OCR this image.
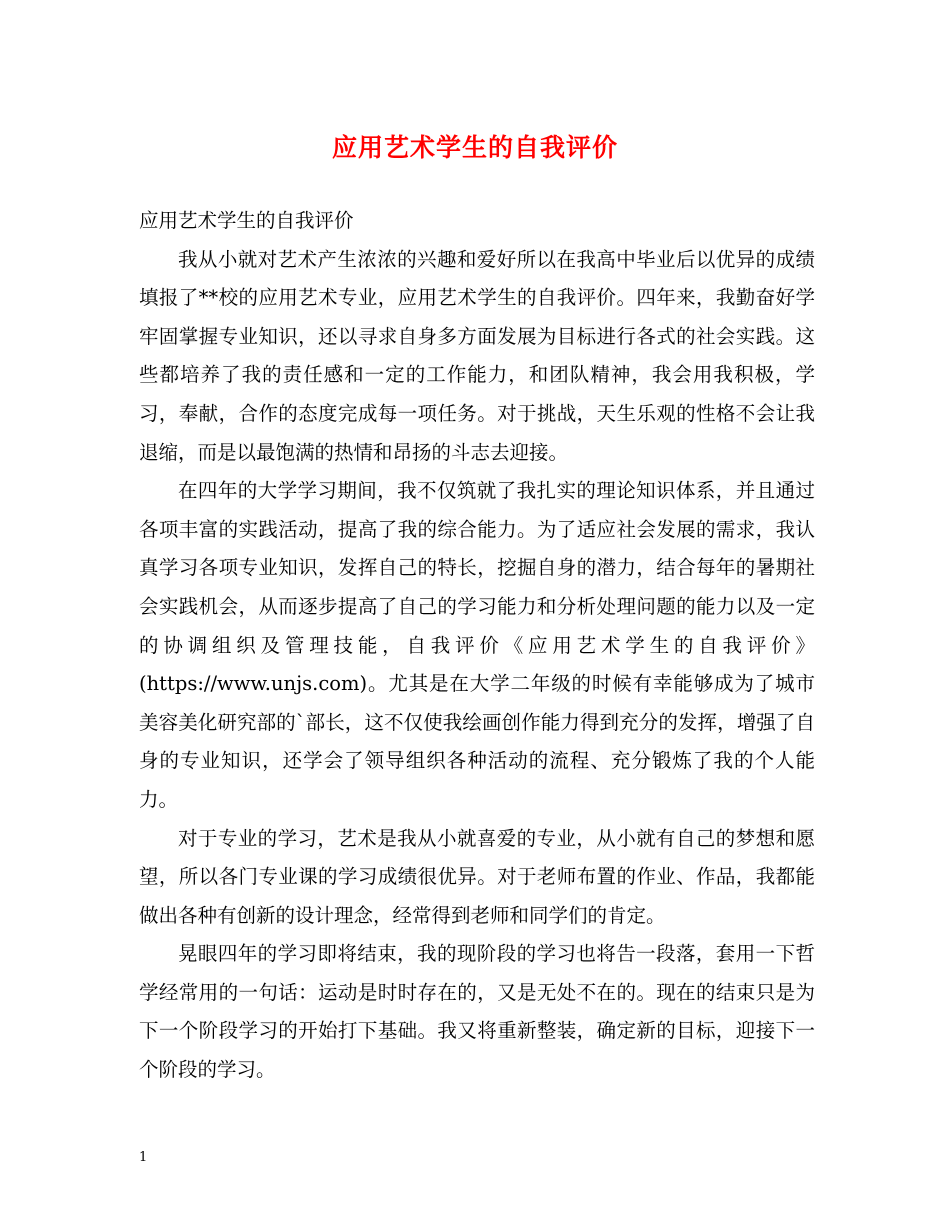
应用艺术学生的自我评价

应用艺术学生的自我评价

我从小就对艺术产生浓浓的兴趣和爱好所以在我高中毕业后以优异的成绩填报了**校的应用艺术专业，应用艺术学生的自我评价。四年来，我勤奋好学牢固掌握专业知识，还以寻求自身多方面发展为目标进行各式的社会实践。这些都培养了我的责任感和一定的工作能力，和团队精神，我会用我积极，学习，奉献，合作的态度完成每一项任务。对于挑战，天生乐观的性格不会让我退缩，而是以最饱满的热情和昂扬的斗志去迎接。

在四年的大学学习期间，我不仅筑就了我扎实的理论知识体系，并且通过各项丰富的实践活动，提高了我的综合能力。为了适应社会发展的需求，我认真学习各项专业知识，发挥自己的特长，挖掘自身的潜力，结合每年的暑期社会实践机会，从而逐步提高了自己的学习能力和分析处理问题的能力以及一定的协调组织及管理技能，自我评价《应用艺术学生的自我评价》(https://www.unjs.com)。尤其是在大学二年级的时候有幸能够成为了城市美容美化研究部的`部长，这不仅使我绘画创作能力得到充分的发挥，增强了自身的专业知识，还学会了领导组织各种活动的流程、充分锻炼了我的个人能力。

对于专业的学习，艺术是我从小就喜爱的专业，从小就有自己的梦想和愿望，所以各门专业课的学习成绩很优异。对于老师布置的作业、作品，我都能做出各种有创新的设计理念，经常得到老师和同学们的肯定。

晃眼四年的学习即将结束，我的现阶段的学习也将告一段落，套用一下哲学经常用的一句话：运动是时时存在的，又是无处不在的。现在的结束只是为下一个阶段学习的开始打下基础。我又将重新整装，确定新的目标，迎接下一个阶段的学习。

1
